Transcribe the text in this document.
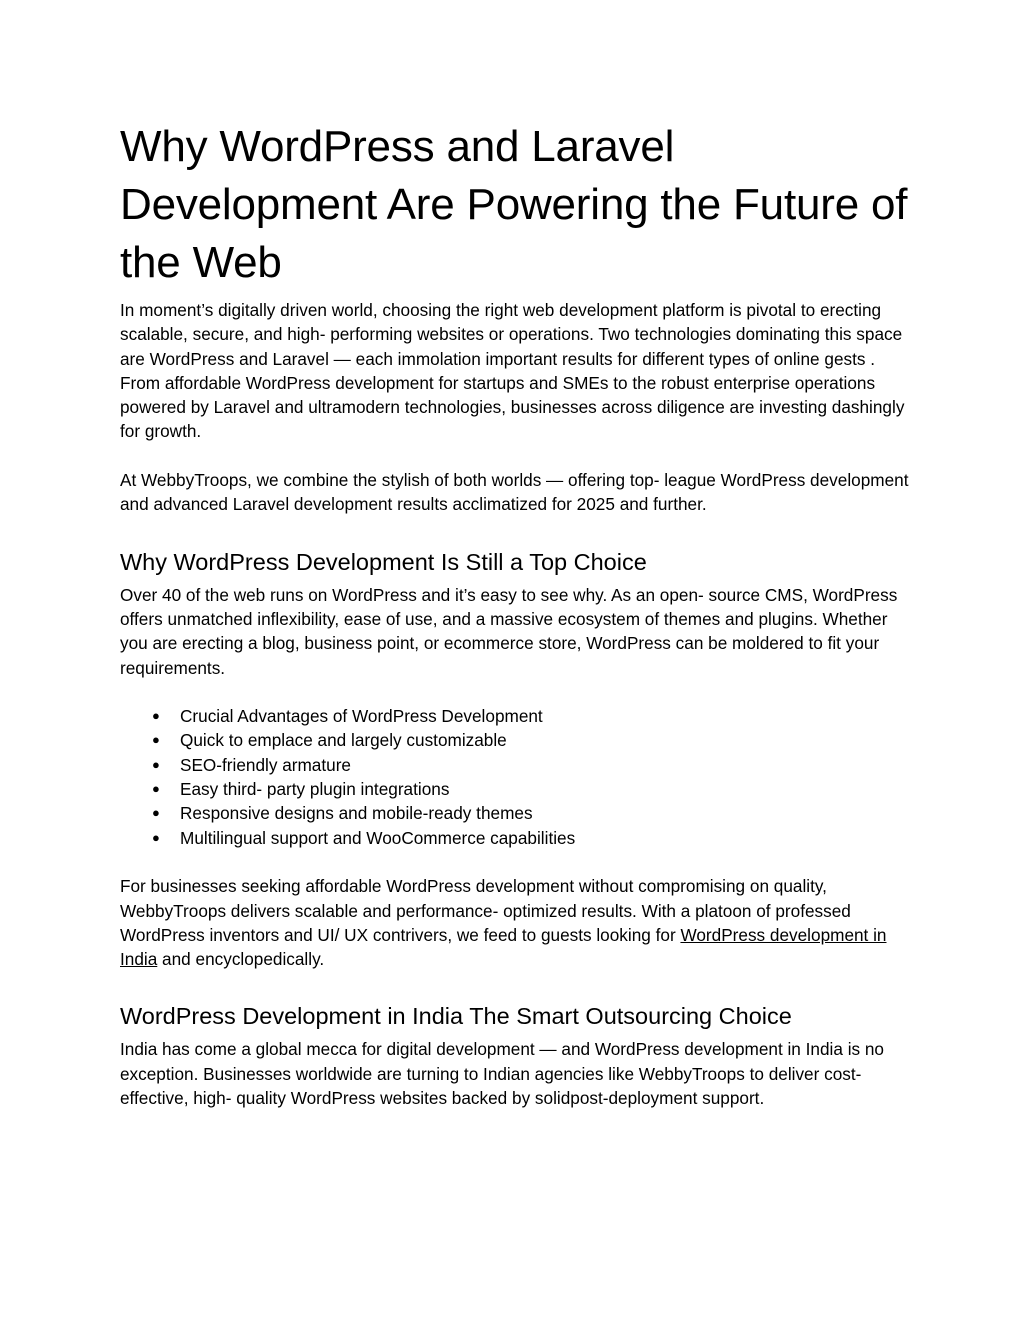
Why WordPress and Laravel Development Are Powering the Future of the Web

In moment’s digitally driven world, choosing the right web development platform is pivotal to erecting scalable, secure, and high- performing websites or operations. Two technologies dominating this space are WordPress and Laravel — each immolation important results for different types of online gests . From affordable WordPress development for startups and SMEs to the robust enterprise operations powered by Laravel and ultramodern technologies, businesses across diligence are investing dashingly for growth.

At WebbyTroops, we combine the stylish of both worlds — offering top- league WordPress development and advanced Laravel development results acclimatized for 2025 and further.

Why WordPress Development Is Still a Top Choice

Over 40 of the web runs on WordPress and it’s easy to see why. As an open- source CMS, WordPress offers unmatched inflexibility, ease of use, and a massive ecosystem of themes and plugins. Whether you are erecting a blog, business point, or ecommerce store, WordPress can be moldered to fit your requirements.

● Crucial Advantages of WordPress Development
● Quick to emplace and largely customizable
● SEO-friendly armature
● Easy third- party plugin integrations
● Responsive designs and mobile-ready themes
● Multilingual support and WooCommerce capabilities

For businesses seeking affordable WordPress development without compromising on quality, WebbyTroops delivers scalable and performance- optimized results. With a platoon of professed WordPress inventors and UI/ UX contrivers, we feed to guests looking for WordPress development in India and encyclopedically.

WordPress Development in India The Smart Outsourcing Choice

India has come a global mecca for digital development — and WordPress development in India is no exception. Businesses worldwide are turning to Indian agencies like WebbyTroops to deliver cost-effective, high- quality WordPress websites backed by solidpost-deployment support.
